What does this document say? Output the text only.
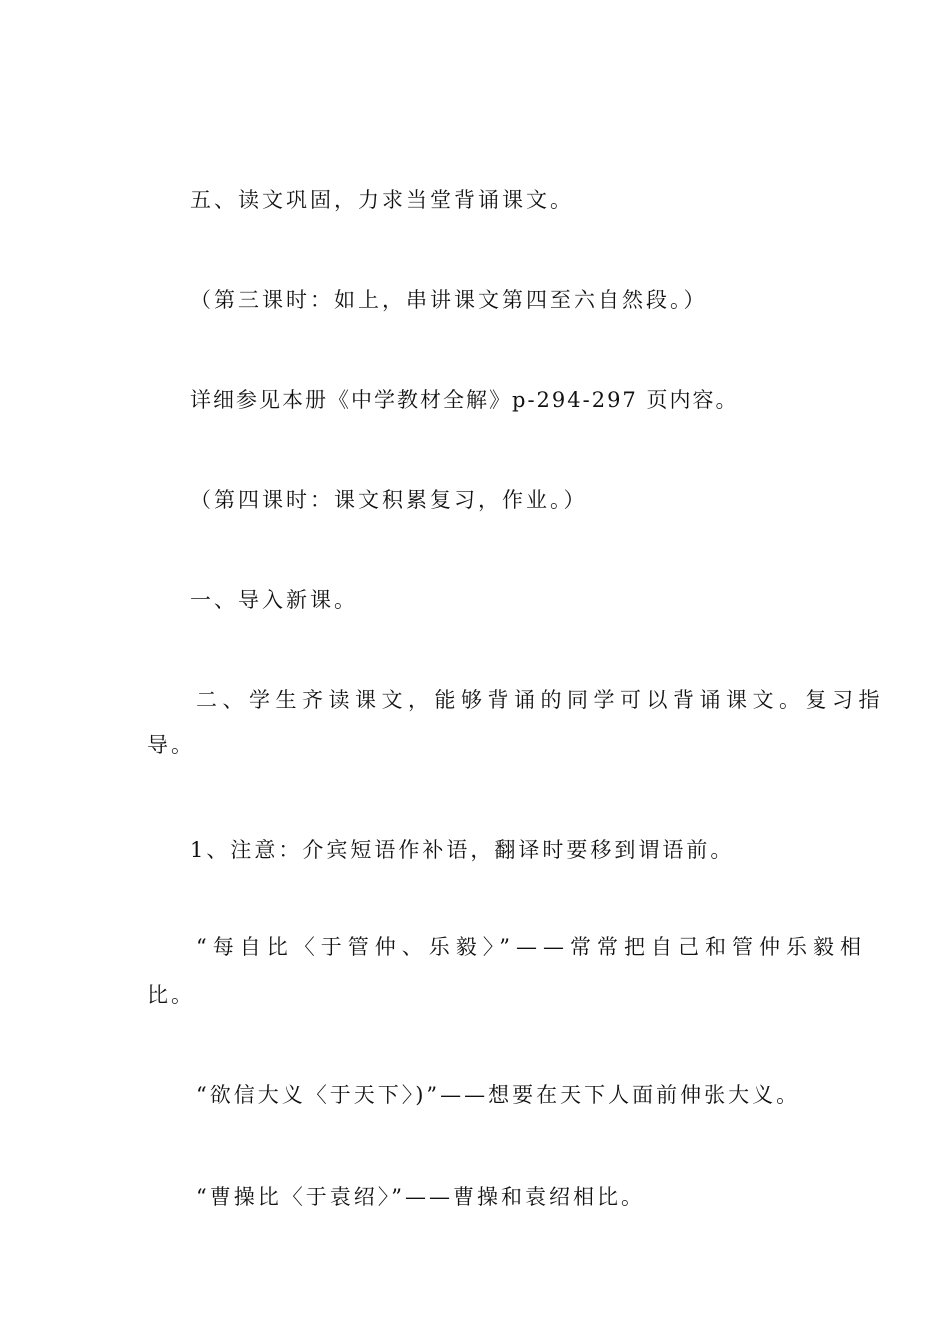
五、读文巩固，力求当堂背诵课文。
（第三课时：如上，串讲课文第四至六自然段。）
详细参见本册《中学教材全解》p-294-297 页内容。
（第四课时：课文积累复习，作业。）
一、导入新课。
二、学生齐读课文，能够背诵的同学可以背诵课文。复习指
导。
1、注意：介宾短语作补语，翻译时要移到谓语前。
“每自比〈于管仲、乐毅〉”——常常把自己和管仲乐毅相
比。
“欲信大义〈于天下〉)”——想要在天下人面前伸张大义。
“曹操比〈于袁绍〉”——曹操和袁绍相比。
